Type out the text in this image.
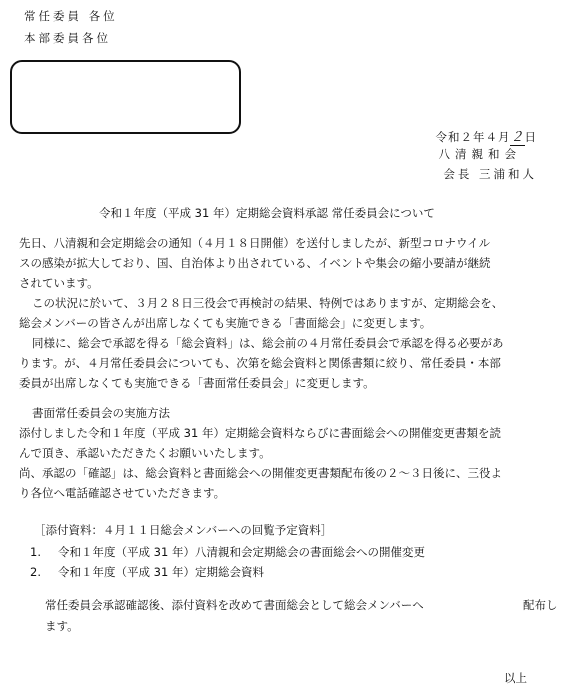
常任委員 各位
本部委員各位
令和２年４月２日
八清親和会
会長 三浦和人
令和１年度（平成 31 年）定期総会資料承認 常任委員会について
先日、八清親和会定期総会の通知（４月１８日開催）を送付しましたが、新型コロナウイル
スの感染が拡大しており、国、自治体より出されている、イベントや集会の縮小要請が継続
されています。
この状況に於いて、３月２８日三役会で再検討の結果、特例ではありますが、定期総会を、
総会メンバーの皆さんが出席しなくても実施できる「書面総会」に変更します。
同様に、総会で承認を得る「総会資料」は、総会前の４月常任委員会で承認を得る必要があ
ります。が、４月常任委員会についても、次第を総会資料と関係書類に絞り、常任委員・本部
委員が出席しなくても実施できる「書面常任委員会」に変更します。
書面常任委員会の実施方法
添付しました令和１年度（平成 31 年）定期総会資料ならびに書面総会への開催変更書類を読
んで頂き、承認いただきたくお願いいたします。
尚、承認の「確認」は、総会資料と書面総会への開催変更書類配布後の２～３日後に、三役よ
り各位へ電話確認させていただきます。
［添付資料：４月１１日総会メンバーへの回覧予定資料］
1. 令和１年度（平成 31 年）八清親和会定期総会の書面総会への開催変更
2. 令和１年度（平成 31 年）定期総会資料
常任委員会承認確認後、添付資料を改めて書面総会として総会メンバーへ	配布し
ます。
以上
